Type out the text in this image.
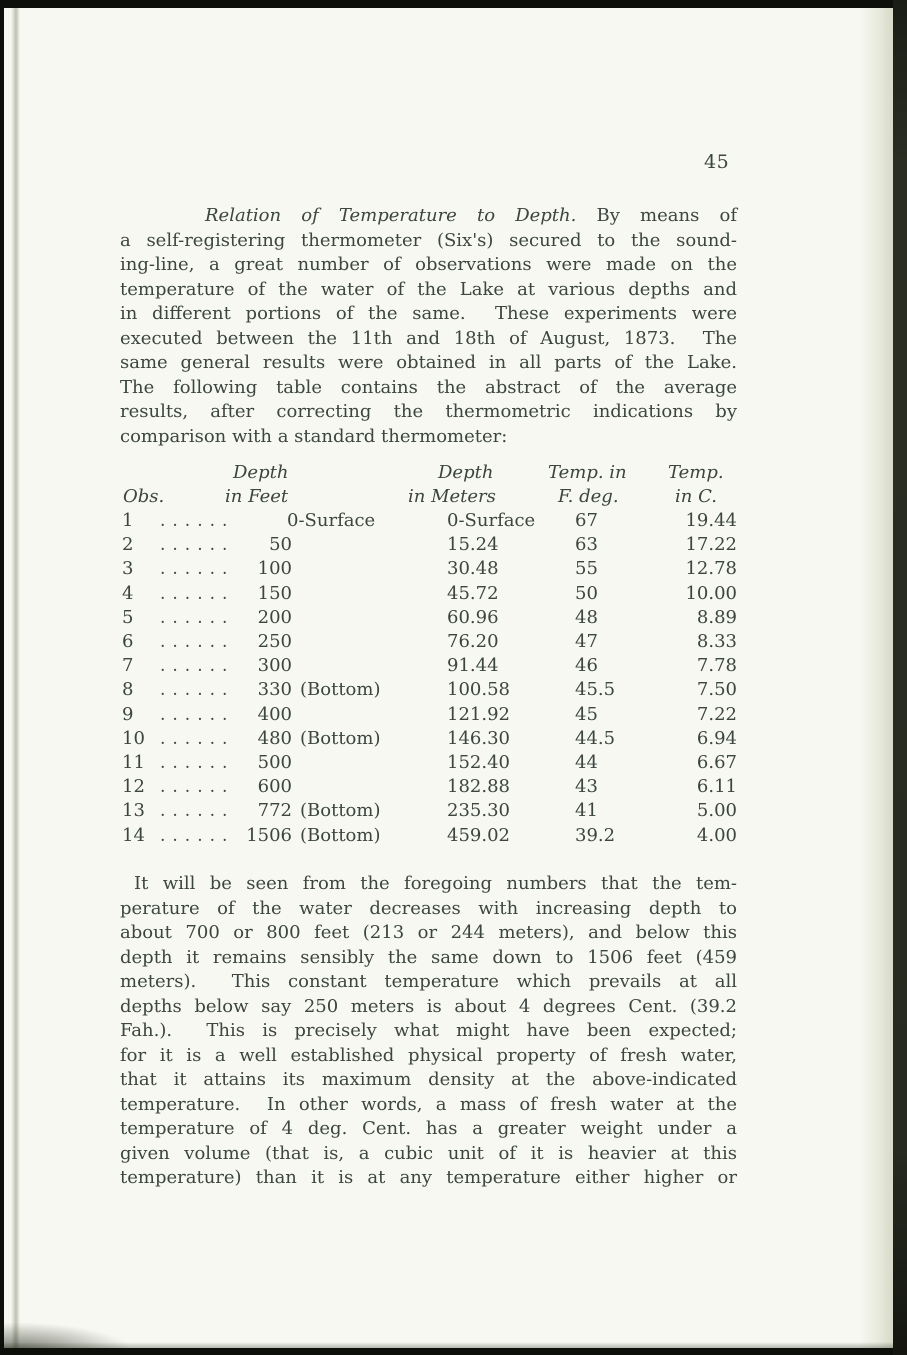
45
Relation of Temperature to Depth. By means of
a self-registering thermometer (Six's) secured to the sound-
ing-line, a great number of observations were made on the
temperature of the water of the Lake at various depths and
in different portions of the same.  These experiments were
executed between the 11th and 18th of August, 1873.  The
same general results were obtained in all parts of the Lake.
The following table contains the abstract of the average
results, after correcting the thermometric indications by
comparison with a standard thermometer:
Depth	Depth	Temp. in Temp.
Obs.	in Feet	in Meters	F. deg.	in C.
1	......	0-Surface	0-Surface	67	19.44
2	......	50	15.24	63	17.22
3	......	100	30.48	55	12.78
4	......	150	45.72	50	10.00
5	......	200	60.96	48	8.89
6	......	250	76.20	47	8.33
7	......	300	91.44	46	7.78
8	......	330 (Bottom)	100.58	45.5	7.50
9	......	400	121.92	45	7.22
10 ......	480 (Bottom)	146.30	44.5	6.94
11 ......	500	152.40	44	6.67
12 ......	600	182.88	43	6.11
13 ......	772 (Bottom)	235.30	41	5.00
14 ...... 1506 (Bottom)	459.02	39.2	4.00
It will be seen from the foregoing numbers that the tem-
perature of the water decreases with increasing depth to
about 700 or 800 feet (213 or 244 meters), and below this
depth it remains sensibly the same down to 1506 feet (459
meters).  This constant temperature which prevails at all
depths below say 250 meters is about 4 degrees Cent. (39.2
Fah.).  This is precisely what might have been expected;
for it is a well established physical property of fresh water,
that it attains its maximum density at the above-indicated
temperature.  In other words, a mass of fresh water at the
temperature of 4 deg. Cent. has a greater weight under a
given volume (that is, a cubic unit of it is heavier at this
temperature) than it is at any temperature either higher or
